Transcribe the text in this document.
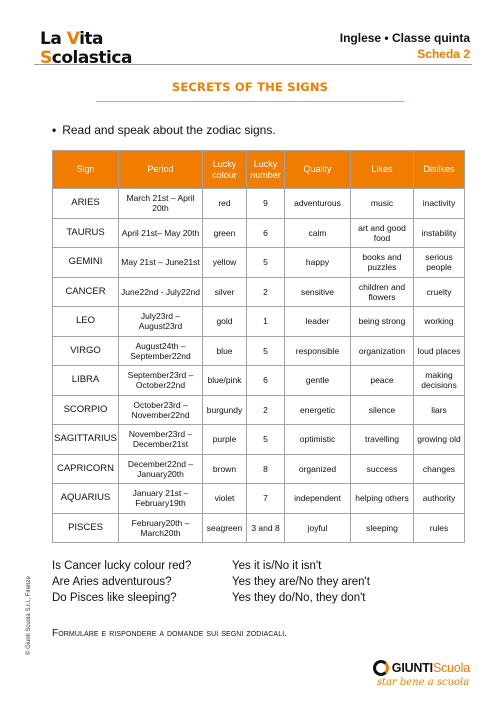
La Vita
Scolastica
Inglese • Classe quinta
Scheda 2
SECRETS OF THE SIGNS
• Read and speak about the zodiac signs.
Sign	Period	Lucky colour	Lucky number	Quality	Likes	Dislikes
ARIES	March 21st – April 20th	red	9	adventurous	music	inactivity
TAURUS	April 21st– May 20th	green	6	calm	art and good food	instability
GEMINI	May 21st – June21st	yellow	5	happy	books and puzzles	serious people
CANCER	June22nd - July22nd	silver	2	sensitive	children and flowers	cruelty
LEO	July23rd – August23rd	gold	1	leader	being strong	working
VIRGO	August24th – September22nd	blue	5	responsible	organization	loud places
LIBRA	September23rd – October22nd	blue/pink	6	gentle	peace	making decisions
SCORPIO	October23rd – November22nd	burgundy	2	energetic	silence	liars
SAGITTARIUS	November23rd – December21st	purple	5	optimistic	travelling	growing old
CAPRICORN	December22nd – January20th	brown	8	organized	success	changes
AQUARIUS	January 21st – February19th	violet	7	independent	helping others	authority
PISCES	February20th – March20th	seagreen	3 and 8	joyful	sleeping	rules
Is Cancer lucky colour red?	Yes it is/No it isn't
Are Aries adventurous?	Yes they are/No they aren't
Do Pisces like sleeping?	Yes they do/No, they don't
Formulare e rispondere a domande sui segni zodiacali.
© Giunti Scuola S.r.l., Firenze
GIUNTI Scuola
star bene a scuola
